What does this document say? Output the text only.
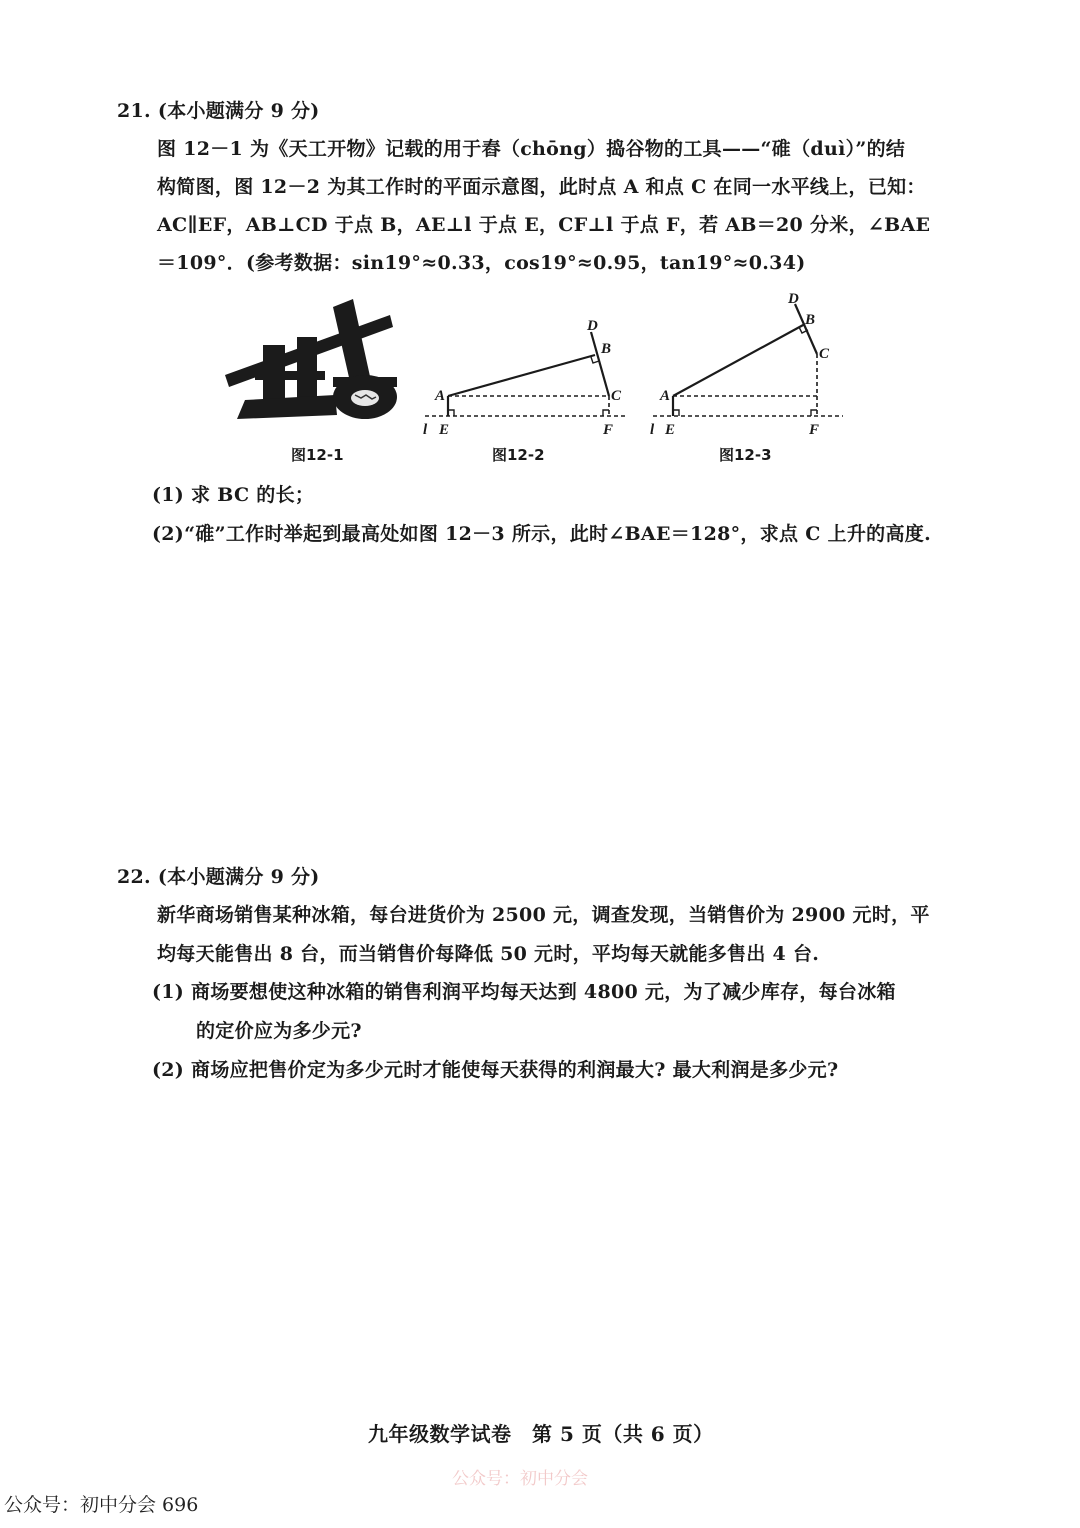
21. (本小题满分 9 分)
图 12－1 为《天工开物》记载的用于舂（chōng）捣谷物的工具——“碓（duì）”的结
构简图，图 12－2 为其工作时的平面示意图，此时点 A 和点 C 在同一水平线上，已知：
AC∥EF，AB⊥CD 于点 B，AE⊥l 于点 E，CF⊥l 于点 F，若 AB＝20 分米，∠BAE
＝109°．(参考数据：sin19°≈0.33，cos19°≈0.95，tan19°≈0.34)
图12-1
A
B
C
D
E	F
l
图12-2
A
B
C
D
E	F
l
图12-3
(1) 求 BC 的长；
(2)“碓”工作时举起到最高处如图 12－3 所示，此时∠BAE＝128°，求点 C 上升的高度.
22. (本小题满分 9 分)
新华商场销售某种冰箱，每台进货价为 2500 元，调查发现，当销售价为 2900 元时，平
均每天能售出 8 台，而当销售价每降低 50 元时，平均每天就能多售出 4 台.
(1) 商场要想使这种冰箱的销售利润平均每天达到 4800 元，为了减少库存，每台冰箱
的定价应为多少元?
(2) 商场应把售价定为多少元时才能使每天获得的利润最大? 最大利润是多少元?
九年级数学试卷　第 5 页（共 6 页）
公众号：初中分会
公众号：初中分会 696
